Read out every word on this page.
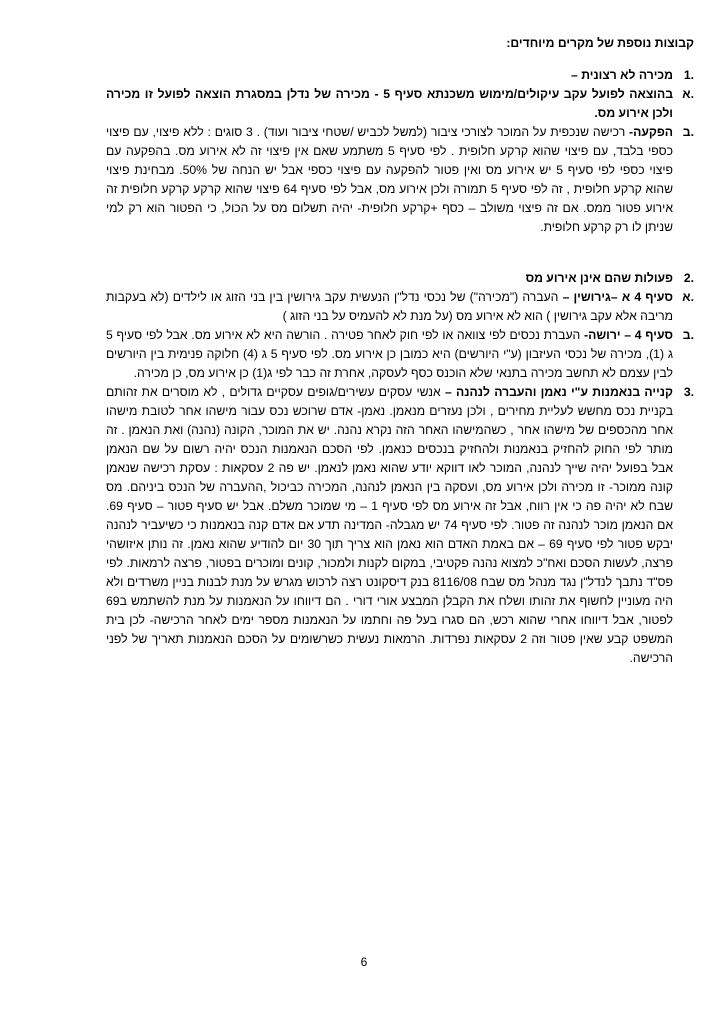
קבוצות נוספת של מקרים מיוחדים:
1.
מכירה לא רצונית –
א.
בהוצאה לפועל עקב עיקולים/מימוש משכנתא סעיף 5 - מכירה של נדלן במסגרת הוצאה לפועל זו מכירה ולכן אירוע מס.
ב.
הפקעה- רכישה שנכפית על המוכר לצורכי ציבור (למשל לכביש /שטחי ציבור ועוד) . 3 סוגים : ללא פיצוי, עם פיצוי כספי בלבד, עם פיצוי שהוא קרקע חלופית . לפי סעיף 5 משתמע שאם אין פיצוי זה לא אירוע מס. בהפקעה עם פיצוי כספי לפי סעיף 5 יש אירוע מס ואין פטור להפקעה עם פיצוי כספי אבל יש הנחה של 50%. מבחינת פיצוי שהוא קרקע חלופית , זה לפי סעיף 5 תמורה ולכן אירוע מס, אבל לפי סעיף 64 פיצוי שהוא קרקע קרקע חלופית זה אירוע פטור ממס. אם זה פיצוי משולב – כסף +קרקע חלופית- יהיה תשלום מס על הכול, כי הפטור הוא רק למי שניתן לו רק קרקע חלופית.
2.
פעולות שהם אינן אירוע מס
א.
סעיף 4 א –גירושין – העברה ("מכירה") של נכסי נדל"ן הנעשית עקב גירושין בין בני הזוג או לילדים (לא בעקבות מריבה אלא עקב גירושין ) הוא לא אירוע מס (על מנת לא להעמיס על בני הזוג )
ב.
סעיף 4 – ירושה- העברת נכסים לפי צוואה או לפי חוק לאחר פטירה . הורשה היא לא אירוע מס. אבל לפי סעיף 5 ג (1), מכירה של נכסי העיזבון (ע"י היורשים) היא כמובן כן אירוע מס. לפי סעיף 5 ג (4) חלוקה פנימית בין היורשים לבין עצמם לא תחשב מכירה בתנאי שלא הוכנס כסף לעסקה, אחרת זה כבר לפי ג(1) כן אירוע מס, כן מכירה.
3.
קנייה בנאמנות ע"י נאמן והעברה לנהנה – אנשי עסקים עשירים/גופים עסקיים גדולים , לא מוסרים את זהותם בקניית נכס מחשש לעליית מחירים , ולכן נעזרים מנאמן. נאמן- אדם שרוכש נכס עבור מישהו אחר לטובת מישהו אחר מהכספים של מישהו אחר , כשהמישהו האחר הזה נקרא נהנה. יש את המוכר, הקונה (נהנה) ואת הנאמן . זה מותר לפי החוק להחזיק בנאמנות ולהחזיק בנכסים כנאמן. לפי הסכם הנאמנות הנכס יהיה רשום על שם הנאמן אבל בפועל יהיה שייך לנהנה, המוכר לאו דווקא יודע שהוא נאמן לנאמן. יש פה 2 עסקאות : עסקת רכישה שנאמן קונה ממוכר- זו מכירה ולכן אירוע מס, ועסקה בין הנאמן לנהנה, המכירה כביכול ,ההעברה של הנכס ביניהם. מס שבח לא יהיה פה כי אין רווח, אבל זה אירוע מס לפי סעיף 1 – מי שמוכר משלם. אבל יש סעיף פטור – סעיף 69. אם הנאמן מוכר לנהנה זה פטור. לפי סעיף 74 יש מגבלה- המדינה תדע אם אדם קנה בנאמנות כי כשיעביר לנהנה יבקש פטור לפי סעיף 69 – אם באמת האדם הוא נאמן הוא צריך תוך 30 יום להודיע שהוא נאמן. זה נותן איזושהי פרצה, לעשות הסכם ואח"כ למצוא נהנה פקטיבי, במקום לקנות ולמכור, קונים ומוכרים בפטור, פרצה לרמאות. לפי פס"ד נתבך לנדל"ן נגד מנהל מס שבח 8116/08 בנק דיסקונט רצה לרכוש מגרש על מנת לבנות בניין משרדים ולא היה מעוניין לחשוף את זהותו ושלח את הקבלן המבצע אורי דורי . הם דיווחו על הנאמנות על מנת להשתמש ב69 לפטור, אבל דיווחו אחרי שהוא רכש, הם סגרו בעל פה וחתמו על הנאמנות מספר ימים לאחר הרכישה- לכן בית המשפט קבע שאין פטור וזה 2 עסקאות נפרדות. הרמאות נעשית כשרשומים על הסכם הנאמנות תאריך של לפני הרכישה.
6
